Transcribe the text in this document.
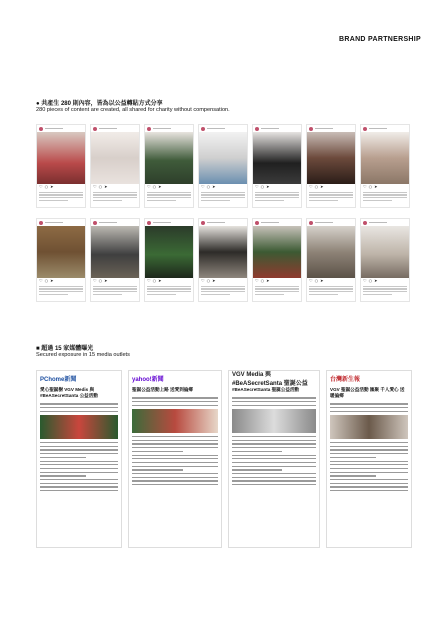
BRAND PARTNERSHIP
● 共產生 280 則內容，皆為以公益轉貼方式分享
280 pieces of content are created, all shared for charity without compensation.
♡ ○ ➤	♡ ○ ➤	♡ ○ ➤	♡ ○ ➤	♡ ○ ➤	♡ ○ ➤	♡ ○ ➤
♡ ○ ➤	♡ ○ ➤	♡ ○ ➤	♡ ○ ➤	♡ ○ ➤	♡ ○ ➤	♡ ○ ➤
■ 超過 15 家媒體曝光
Secured exposure in 15 media outlets
PChome新聞
愛心聖誕樹 VGV Medis 與 #BeASecretSanta 公益活動
yahoo!新聞
聖誕公益活動上路 送愛到偏鄉
VGV Media 與 #BeASecretSanta 聖誕公益
#BeASecretSanta 聖誕公益活動
台灣新生報
VGV 聖誕公益活動 匯聚 千人愛心 送暖偏鄉
